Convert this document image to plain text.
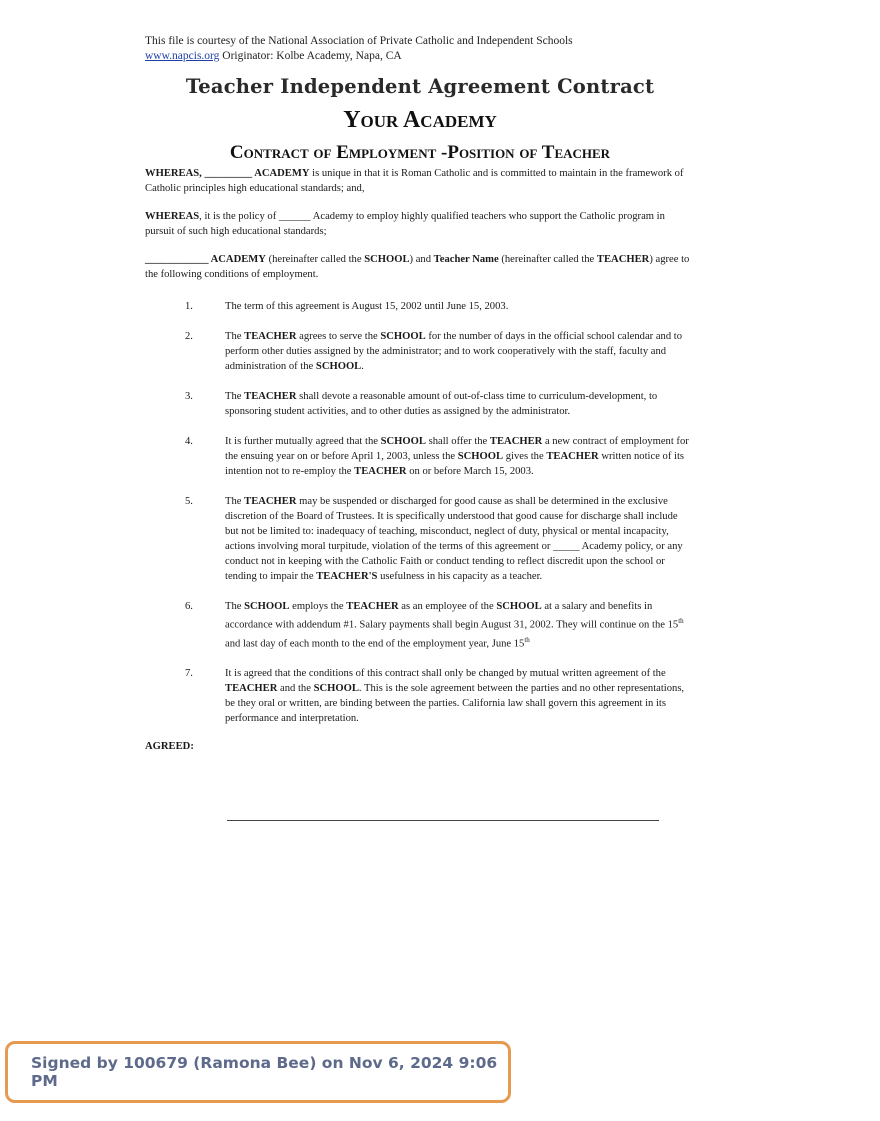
This file is courtesy of the National Association of Private Catholic and Independent Schools
www.napcis.org Originator: Kolbe Academy, Napa, CA
Teacher Independent Agreement Contract
Your Academy
Contract of Employment -Position of Teacher
WHEREAS, _________ ACADEMY is unique in that it is Roman Catholic and is committed to maintain in the framework of Catholic principles high educational standards; and,
WHEREAS, it is the policy of ______ Academy to employ highly qualified teachers who support the Catholic program in pursuit of such high educational standards;
____________ ACADEMY (hereinafter called the SCHOOL) and Teacher Name (hereinafter called the TEACHER) agree to the following conditions of employment.
1.	The term of this agreement is August 15, 2002 until June 15, 2003.
2.	The TEACHER agrees to serve the SCHOOL for the number of days in the official school calendar and to perform other duties assigned by the administrator; and to work cooperatively with the staff, faculty and administration of the SCHOOL.
3.	The TEACHER shall devote a reasonable amount of out-of-class time to curriculum-development, to sponsoring student activities, and to other duties as assigned by the administrator.
4.	It is further mutually agreed that the SCHOOL shall offer the TEACHER a new contract of employment for the ensuing year on or before April 1, 2003, unless the SCHOOL gives the TEACHER written notice of its intention not to re-employ the TEACHER on or before March 15, 2003.
5.	The TEACHER may be suspended or discharged for good cause as shall be determined in the exclusive discretion of the Board of Trustees. It is specifically understood that good cause for discharge shall include but not be limited to: inadequacy of teaching, misconduct, neglect of duty, physical or mental incapacity, actions involving moral turpitude, violation of the terms of this agreement or _____ Academy policy, or any conduct not in keeping with the Catholic Faith or conduct tending to reflect discredit upon the school or tending to impair the TEACHER'S usefulness in his capacity as a teacher.
6.	The SCHOOL employs the TEACHER as an employee of the SCHOOL at a salary and benefits in accordance with addendum #1. Salary payments shall begin August 31, 2002. They will continue on the 15th and last day of each month to the end of the employment year, June 15th
7.	It is agreed that the conditions of this contract shall only be changed by mutual written agreement of the TEACHER and the SCHOOL. This is the sole agreement between the parties and no other representations, be they oral or written, are binding between the parties. California law shall govern this agreement in its performance and interpretation.
AGREED:
Signed by 100679 (Ramona Bee) on Nov 6, 2024 9:06 PM
